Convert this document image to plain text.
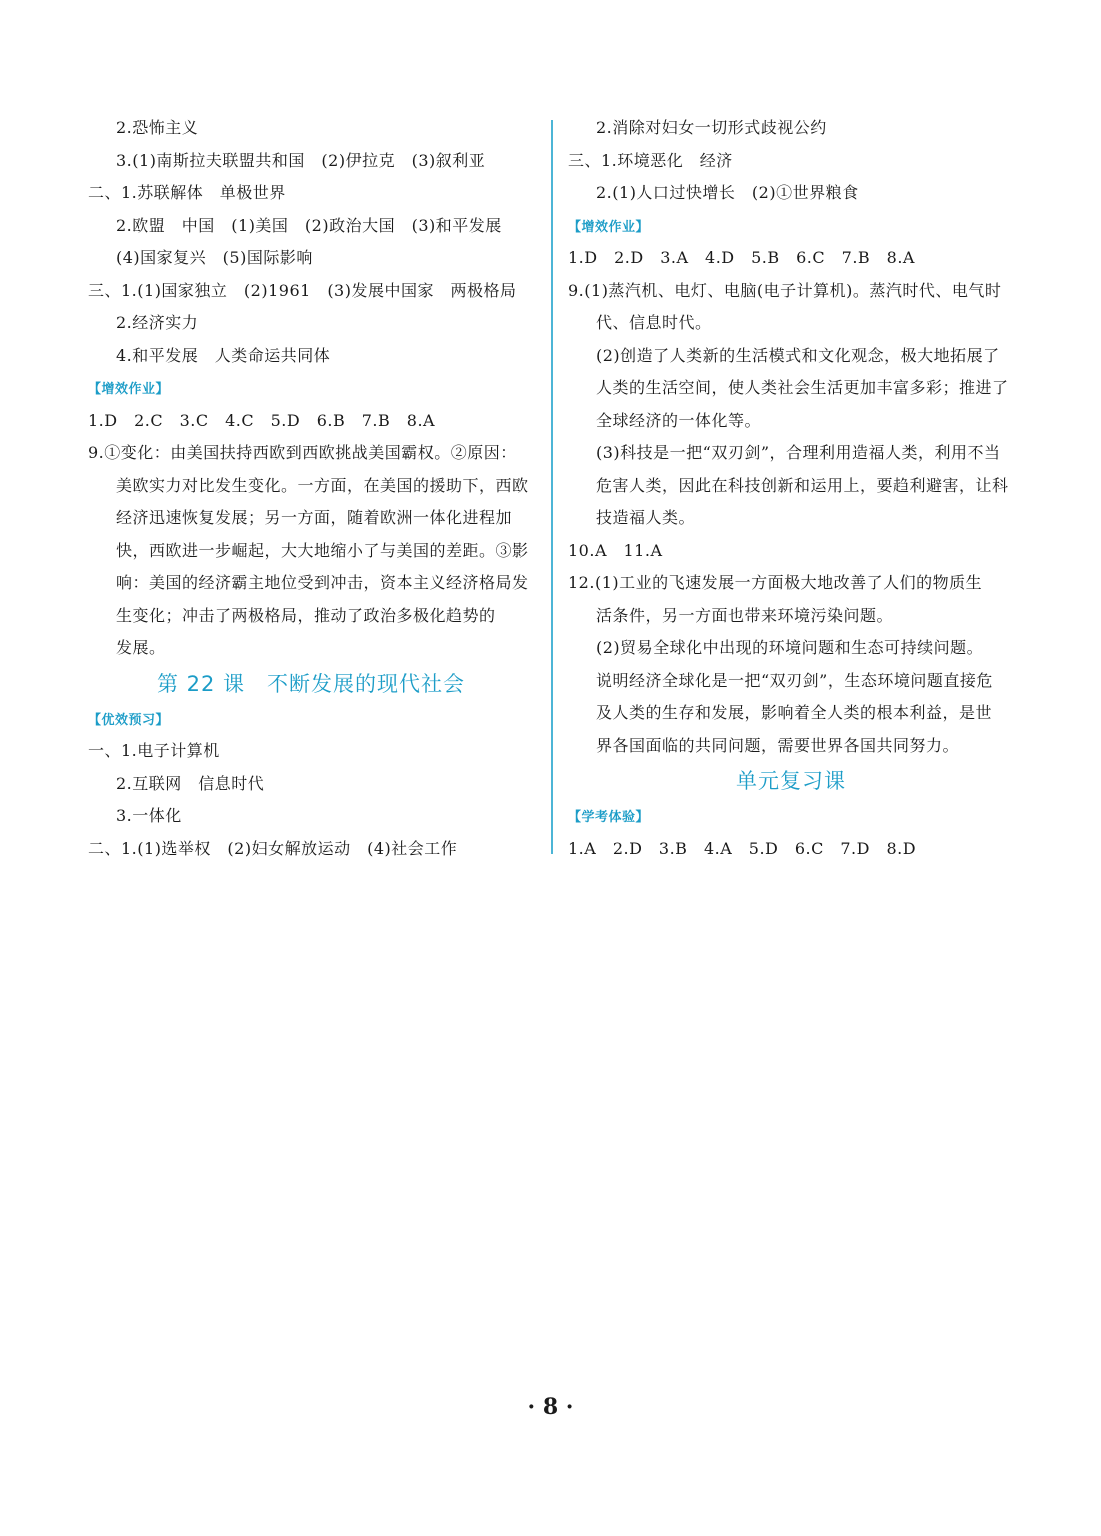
2.恐怖主义
3.(1)南斯拉夫联盟共和国　(2)伊拉克　(3)叙利亚
二、1.苏联解体　单极世界
2.欧盟　中国　(1)美国　(2)政治大国　(3)和平发展
(4)国家复兴　(5)国际影响
三、1.(1)国家独立　(2)1961　(3)发展中国家　两极格局
2.经济实力
4.和平发展　人类命运共同体
【增效作业】
1.D　2.C　3.C　4.C　5.D　6.B　7.B　8.A
9.①变化：由美国扶持西欧到西欧挑战美国霸权。②原因：
美欧实力对比发生变化。一方面，在美国的援助下，西欧
经济迅速恢复发展；另一方面，随着欧洲一体化进程加
快，西欧进一步崛起，大大地缩小了与美国的差距。③影
响：美国的经济霸主地位受到冲击，资本主义经济格局发
生变化；冲击了两极格局，推动了政治多极化趋势的
发展。
第 22 课　不断发展的现代社会
【优效预习】
一、1.电子计算机
2.互联网　信息时代
3.一体化
二、1.(1)选举权　(2)妇女解放运动　(4)社会工作
2.消除对妇女一切形式歧视公约
三、1.环境恶化　经济
2.(1)人口过快增长　(2)①世界粮食
【增效作业】
1.D　2.D　3.A　4.D　5.B　6.C　7.B　8.A
9.(1)蒸汽机、电灯、电脑(电子计算机)。蒸汽时代、电气时
代、信息时代。
(2)创造了人类新的生活模式和文化观念，极大地拓展了
人类的生活空间，使人类社会生活更加丰富多彩；推进了
全球经济的一体化等。
(3)科技是一把“双刃剑”，合理利用造福人类，利用不当
危害人类，因此在科技创新和运用上，要趋利避害，让科
技造福人类。
10.A　11.A
12.(1)工业的飞速发展一方面极大地改善了人们的物质生
活条件，另一方面也带来环境污染问题。
(2)贸易全球化中出现的环境问题和生态可持续问题。
说明经济全球化是一把“双刃剑”，生态环境问题直接危
及人类的生存和发展，影响着全人类的根本利益，是世
界各国面临的共同问题，需要世界各国共同努力。
单元复习课
【学考体验】
1.A　2.D　3.B　4.A　5.D　6.C　7.D　8.D
· 8 ·
